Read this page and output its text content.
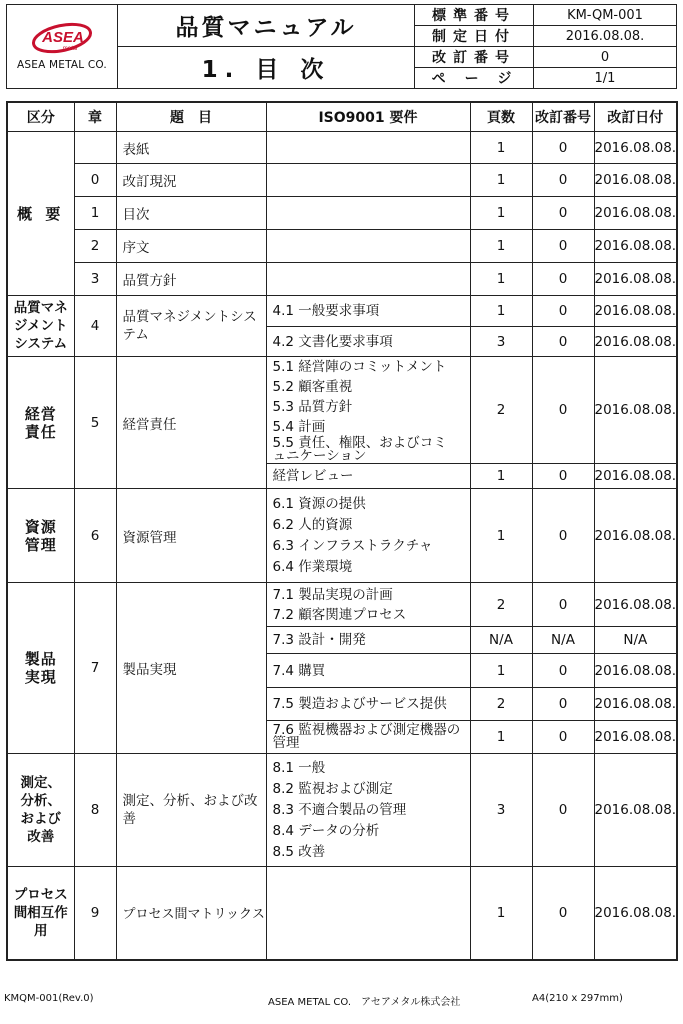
ASEA
metal
ASEA METAL CO.	品質マニュアル	標準番号	KM-QM-001
		制定日付	2016.08.08.
	1. 目 次	改訂番号	0
		ページ	1/1
区分	章	題　目	ISO9001 要件	頁数	改訂番号	改訂日付
概 要		表紙		1	0	2016.08.08.
	0	改訂現況		1	0	2016.08.08.
	1	目次		1	0	2016.08.08.
	2	序文		1	0	2016.08.08.
	3	品質方針		1	0	2016.08.08.
品質マネジメントシステム	4	品質マネジメントシステム	4.1 一般要求事項	1	0	2016.08.08.
			4.2 文書化要求事項	3	0	2016.08.08.
経営責任	5	経営責任	5.1 経営陣のコミットメント
5.2 顧客重視
5.3 品質方針
5.4 計画
5.5 責任、権限、およびコミュニケーション	2	0	2016.08.08.
			経営レビュー	1	0	2016.08.08.
資源管理	6	資源管理	6.1 資源の提供
6.2 人的資源
6.3 インフラストラクチャ
6.4 作業環境	1	0	2016.08.08.
製品実現	7	製品実現	7.1 製品実現の計画
7.2 顧客関連プロセス	2	0	2016.08.08.
			7.3 設計・開発	N/A	N/A	N/A
			7.4 購買	1	0	2016.08.08.
			7.5 製造およびサービス提供	2	0	2016.08.08.

			7.6 監視機器および測定機器の管理	1	0	2016.08.08.
測定、分析、および改善	8	測定、分析、および改善	8.1 一般
8.2 監視および測定
8.3 不適合製品の管理
8.4 データの分析
8.5 改善	3	0	2016.08.08.
プロセス間相互作用	9	プロセス間マトリックス		1	0	2016.08.08.
KMQM-001(Rev.0)	ASEA METAL CO.　アセアメタル株式会社	A4(210 x 297mm)
